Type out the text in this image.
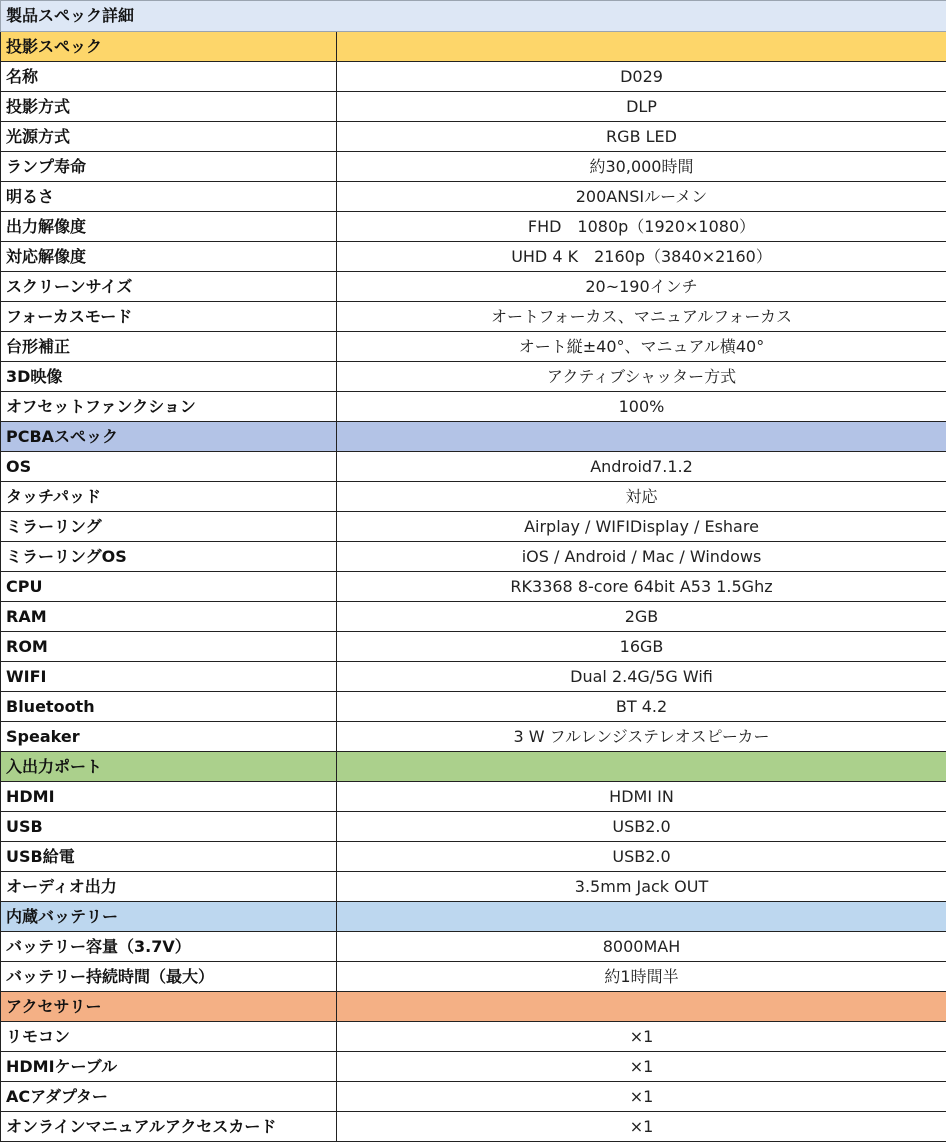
製品スペック詳細	
投影スペック	
名称	D029
投影方式	DLP
光源方式	RGB LED
ランプ寿命	約30,000時間
明るさ	200ANSIルーメン
出力解像度	FHD　1080p（1920×1080）
対応解像度	UHD 4 K　2160p（3840×2160）
スクリーンサイズ	20~190インチ
フォーカスモード	オートフォーカス、マニュアルフォーカス
台形補正	オート縦±40°、マニュアル横40°
3D映像	アクティブシャッター方式
オフセットファンクション	100%
PCBAスペック	
OS	Android7.1.2
タッチパッド	対応
ミラーリング	Airplay / WIFIDisplay / Eshare
ミラーリングOS	iOS / Android / Mac / Windows
CPU	RK3368 8-core 64bit A53 1.5Ghz
RAM	2GB
ROM	16GB
WIFI	Dual 2.4G/5G Wifi
Bluetooth	BT 4.2
Speaker	3 W フルレンジステレオスピーカー
入出力ポート	
HDMI	HDMI IN
USB	USB2.0
USB給電	USB2.0
オーディオ出力	3.5mm Jack OUT
内蔵バッテリー	
バッテリー容量（3.7V）	8000MAH
バッテリー持続時間（最大）	約1時間半
アクセサリー	
リモコン	×1
HDMIケーブル	×1
ACアダプター	×1
オンラインマニュアルアクセスカード	×1
